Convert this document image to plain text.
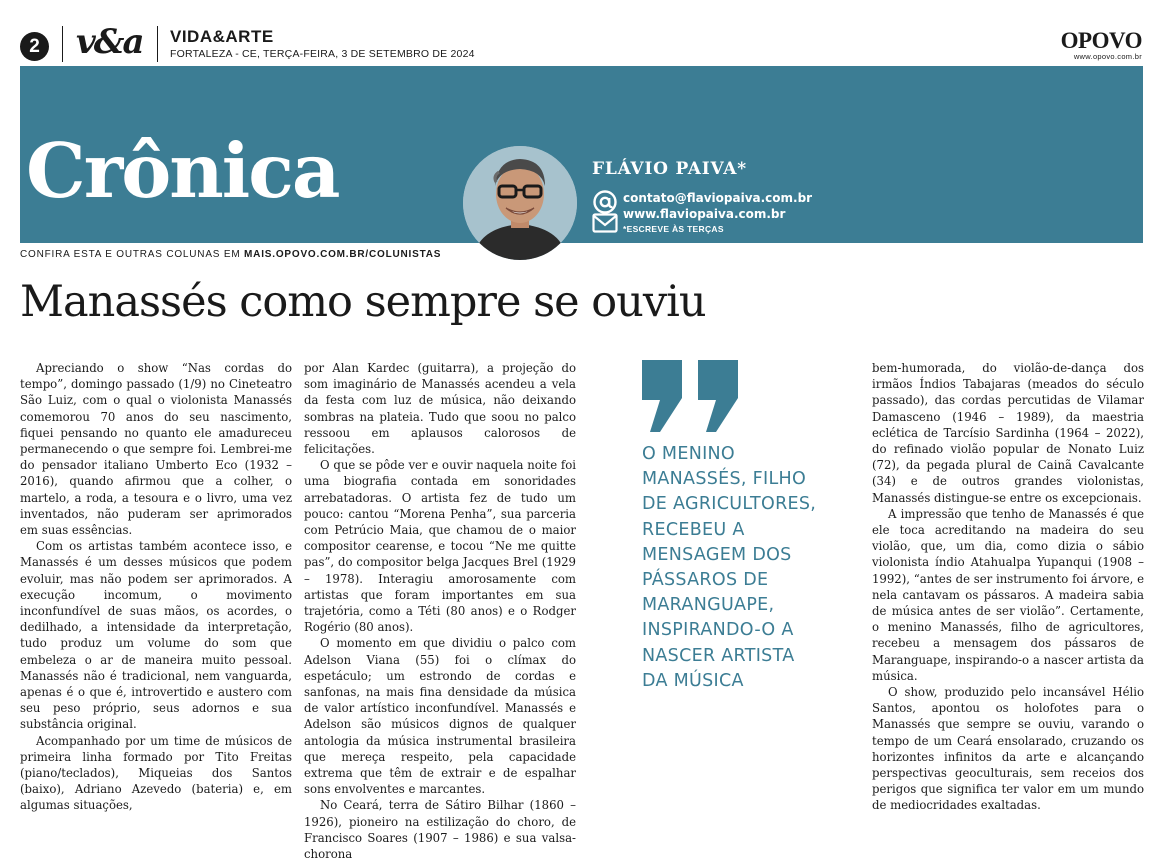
2 v&a VIDA&ARTE
FORTALEZA - CE, TERÇA-FEIRA, 3 DE SETEMBRO DE 2024
OPOVO
www.opovo.com.br
Crônica	FLÁVIO PAIVA*
contato@flaviopaiva.com.br
www.flaviopaiva.com.br
*ESCREVE ÀS TERÇAS
CONFIRA ESTA E OUTRAS COLUNAS EM MAIS.OPOVO.COM.BR/COLUNISTAS
Manassés como sempre se ouviu

Apreciando o show “Nas cordas do tempo”, domingo passado (1/9) no Cineteatro São Luiz, com o qual o violonista Manassés comemorou 70 anos do seu nascimento, fiquei pensando no quanto ele amadureceu permanecendo o que sempre foi. Lembrei-me do pensador italiano Umberto Eco (1932 – 2016), quando afirmou que a colher, o martelo, a roda, a tesoura e o livro, uma vez inventados, não puderam ser aprimorados em suas essências.

Com os artistas também acontece isso, e Manassés é um desses músicos que podem evoluir, mas não podem ser aprimorados. A execução incomum, o movimento inconfundível de suas mãos, os acordes, o dedilhado, a intensidade da interpretação, tudo produz um volume do som que embeleza o ar de maneira muito pessoal. Manassés não é tradicional, nem vanguarda, apenas é o que é, introvertido e austero com seu peso próprio, seus adornos e sua substância original.

Acompanhado por um time de músicos de primeira linha formado por Tito Freitas (piano/teclados), Miqueias dos Santos (baixo), Adriano Azevedo (bateria) e, em algumas situações,

por Alan Kardec (guitarra), a projeção do som imaginário de Manassés acendeu a vela da festa com luz de música, não deixando sombras na plateia. Tudo que soou no palco ressoou em aplausos calorosos de felicitações.

O que se pôde ver e ouvir naquela noite foi uma biografia contada em sonoridades arrebatadoras. O artista fez de tudo um pouco: cantou “Morena Penha”, sua parceria com Petrúcio Maia, que chamou de o maior compositor cearense, e tocou “Ne me quitte pas”, do compositor belga Jacques Brel (1929 – 1978). Interagiu amorosamente com artistas que foram importantes em sua trajetória, como a Téti (80 anos) e o Rodger Rogério (80 anos).

O momento em que dividiu o palco com Adelson Viana (55) foi o clímax do espetáculo; um estrondo de cordas e sanfonas, na mais fina densidade da música de valor artístico inconfundível. Manassés e Adelson são músicos dignos de qualquer antologia da música instrumental brasileira que mereça respeito, pela capacidade extrema que têm de extrair e de espalhar sons envolventes e marcantes.

No Ceará, terra de Sátiro Bilhar (1860 – 1926), pioneiro na estilização do choro, de Francisco Soares (1907 – 1986) e sua valsa-chorona

O MENINO
MANASSÉS, FILHO
DE AGRICULTORES,
RECEBEU A
MENSAGEM DOS
PÁSSAROS DE
MARANGUAPE,
INSPIRANDO-O A
NASCER ARTISTA
DA MÚSICA

bem-humorada, do violão-de-dança dos irmãos Índios Tabajaras (meados do século passado), das cordas percutidas de Vilamar Damasceno (1946 – 1989), da maestria eclética de Tarcísio Sardinha (1964 – 2022), do refinado violão popular de Nonato Luiz (72), da pegada plural de Cainã Cavalcante (34) e de outros grandes violonistas, Manassés distingue-se entre os excepcionais.

A impressão que tenho de Manassés é que ele toca acreditando na madeira do seu violão, que, um dia, como dizia o sábio violonista índio Atahualpa Yupanqui (1908 – 1992), “antes de ser instrumento foi árvore, e nela cantavam os pássaros. A madeira sabia de música antes de ser violão”. Certamente, o menino Manassés, filho de agricultores, recebeu a mensagem dos pássaros de Maranguape, inspirando-o a nascer artista da música.

O show, produzido pelo incansável Hélio Santos, apontou os holofotes para o Manassés que sempre se ouviu, varando o tempo de um Ceará ensolarado, cruzando os horizontes infinitos da arte e alcançando perspectivas geoculturais, sem receios dos perigos que significa ter valor em um mundo de mediocridades exaltadas.
